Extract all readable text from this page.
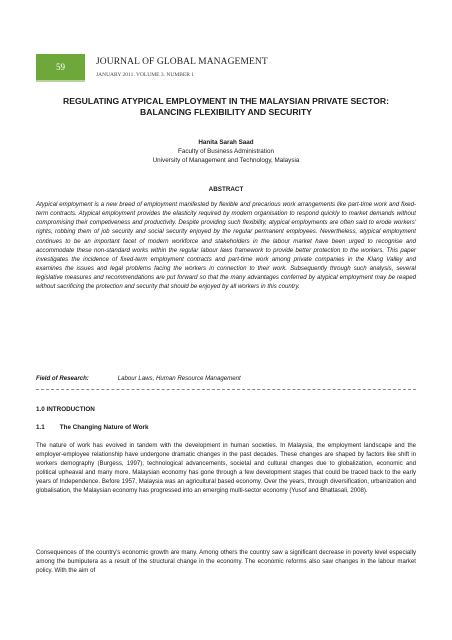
59	JOURNAL OF GLOBAL MANAGEMENT
JANUARY 2011. VOLUME 3. NUMBER 1
REGULATING ATYPICAL EMPLOYMENT IN THE MALAYSIAN PRIVATE SECTOR:
BALANCING FLEXIBILITY AND SECURITY
Hanita Sarah Saad
Faculty of Business Administration
University of Management and Technology, Malaysia
ABSTRACT
Atypical employment is a new breed of employment manifested by flexible and precarious work arrangements like part-time work and fixed-term contracts. Atypical employment provides the elasticity required by modern organisation to respond quickly to market demands without compromising their competiveness and productivity. Despite providing such flexibility, atypical employments are often said to erode workers' rights, robbing them of job security and social security enjoyed by the regular permanent employees. Nevertheless, atypical employment continues to be an important facet of modern workforce and stakeholders in the labour market have been urged to recognise and accommodate these non-standard works within the regular labour laws framework to provide better protection to the workers. This paper investigates the incidence of fixed-term employment contracts and part-time work among private companies in the Klang Valley and examines the issues and legal problems facing the workers in connection to their work. Subsequently through such analysis, several legislative measures and recommendations are put forward so that the many advantages conferred by atypical employment may be reaped without sacrificing the protection and security that should be enjoyed by all workers in this country.
Field of Research:	Labour Laws, Human Resource Management
1.0 INTRODUCTION
1.1 The Changing Nature of Work
The nature of work has evolved in tandem with the development in human societies. In Malaysia, the employment landscape and the employer-employee relationship have undergone dramatic changes in the past decades. These changes are shaped by factors like shift in workers demography (Burgess, 1997), technological advancements, societal and cultural changes due to globalization, economic and political upheaval and many more. Malaysian economy has gone through a few development stages that could be traced back to the early years of Independence. Before 1957, Malaysia was an agricultural based economy. Over the years, through diversification, urbanization and globalisation, the Malaysian economy has progressed into an emerging multi-sector economy (Yusof and Bhattasali, 2008).
Consequences of the country's economic growth are many. Among others the country saw a significant decrease in poverty level especially among the bumiputera as a result of the structural change in the economy. The economic reforms also saw changes in the labour market policy. With the aim of
